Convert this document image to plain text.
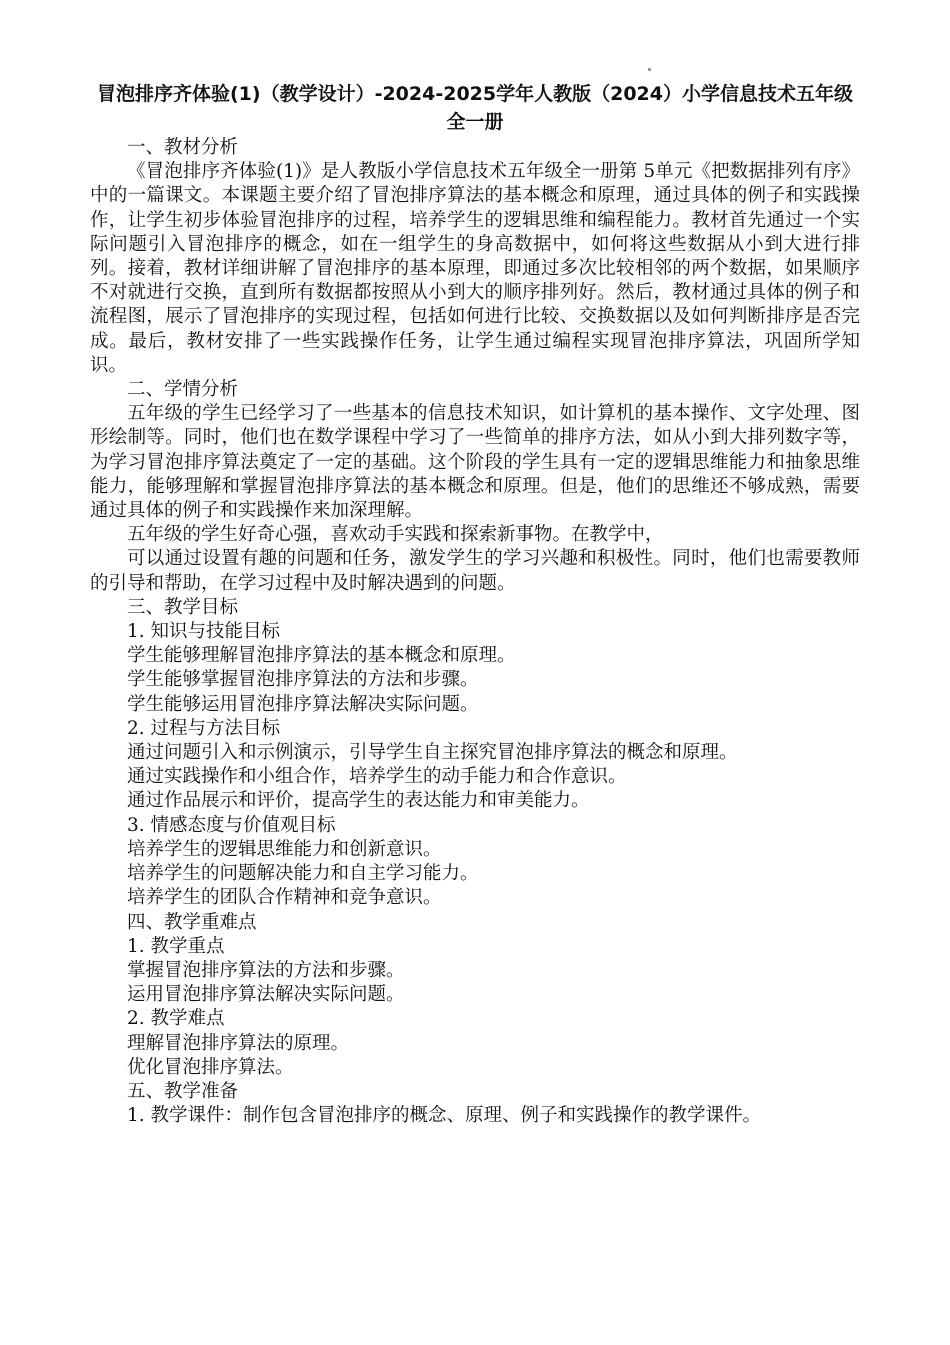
冒泡排序齐体验(1)（教学设计）-2024-2025学年人教版（2024）小学信息技术五年级全一册
一、教材分析
《冒泡排序齐体验(1)》是人教版小学信息技术五年级全一册第 5单元《把数据排列有序》中的一篇课文。本课题主要介绍了冒泡排序算法的基本概念和原理，通过具体的例子和实践操作，让学生初步体验冒泡排序的过程，培养学生的逻辑思维和编程能力。教材首先通过一个实际问题引入冒泡排序的概念，如在一组学生的身高数据中，如何将这些数据从小到大进行排列。接着，教材详细讲解了冒泡排序的基本原理，即通过多次比较相邻的两个数据，如果顺序不对就进行交换，直到所有数据都按照从小到大的顺序排列好。然后，教材通过具体的例子和流程图，展示了冒泡排序的实现过程，包括如何进行比较、交换数据以及如何判断排序是否完成。最后，教材安排了一些实践操作任务，让学生通过编程实现冒泡排序算法，巩固所学知识。
二、学情分析
五年级的学生已经学习了一些基本的信息技术知识，如计算机的基本操作、文字处理、图形绘制等。同时，他们也在数学课程中学习了一些简单的排序方法，如从小到大排列数字等，为学习冒泡排序算法奠定了一定的基础。这个阶段的学生具有一定的逻辑思维能力和抽象思维能力，能够理解和掌握冒泡排序算法的基本概念和原理。但是，他们的思维还不够成熟，需要通过具体的例子和实践操作来加深理解。
五年级的学生好奇心强，喜欢动手实践和探索新事物。在教学中，
可以通过设置有趣的问题和任务，激发学生的学习兴趣和积极性。同时，他们也需要教师的引导和帮助，在学习过程中及时解决遇到的问题。
三、教学目标
1. 知识与技能目标
学生能够理解冒泡排序算法的基本概念和原理。
学生能够掌握冒泡排序算法的方法和步骤。
学生能够运用冒泡排序算法解决实际问题。
2. 过程与方法目标
通过问题引入和示例演示，引导学生自主探究冒泡排序算法的概念和原理。
通过实践操作和小组合作，培养学生的动手能力和合作意识。
通过作品展示和评价，提高学生的表达能力和审美能力。
3. 情感态度与价值观目标
培养学生的逻辑思维能力和创新意识。
培养学生的问题解决能力和自主学习能力。
培养学生的团队合作精神和竞争意识。
四、教学重难点
1. 教学重点
掌握冒泡排序算法的方法和步骤。
运用冒泡排序算法解决实际问题。
2. 教学难点
理解冒泡排序算法的原理。
优化冒泡排序算法。
五、教学准备
1. 教学课件：制作包含冒泡排序的概念、原理、例子和实践操作的教学课件。
